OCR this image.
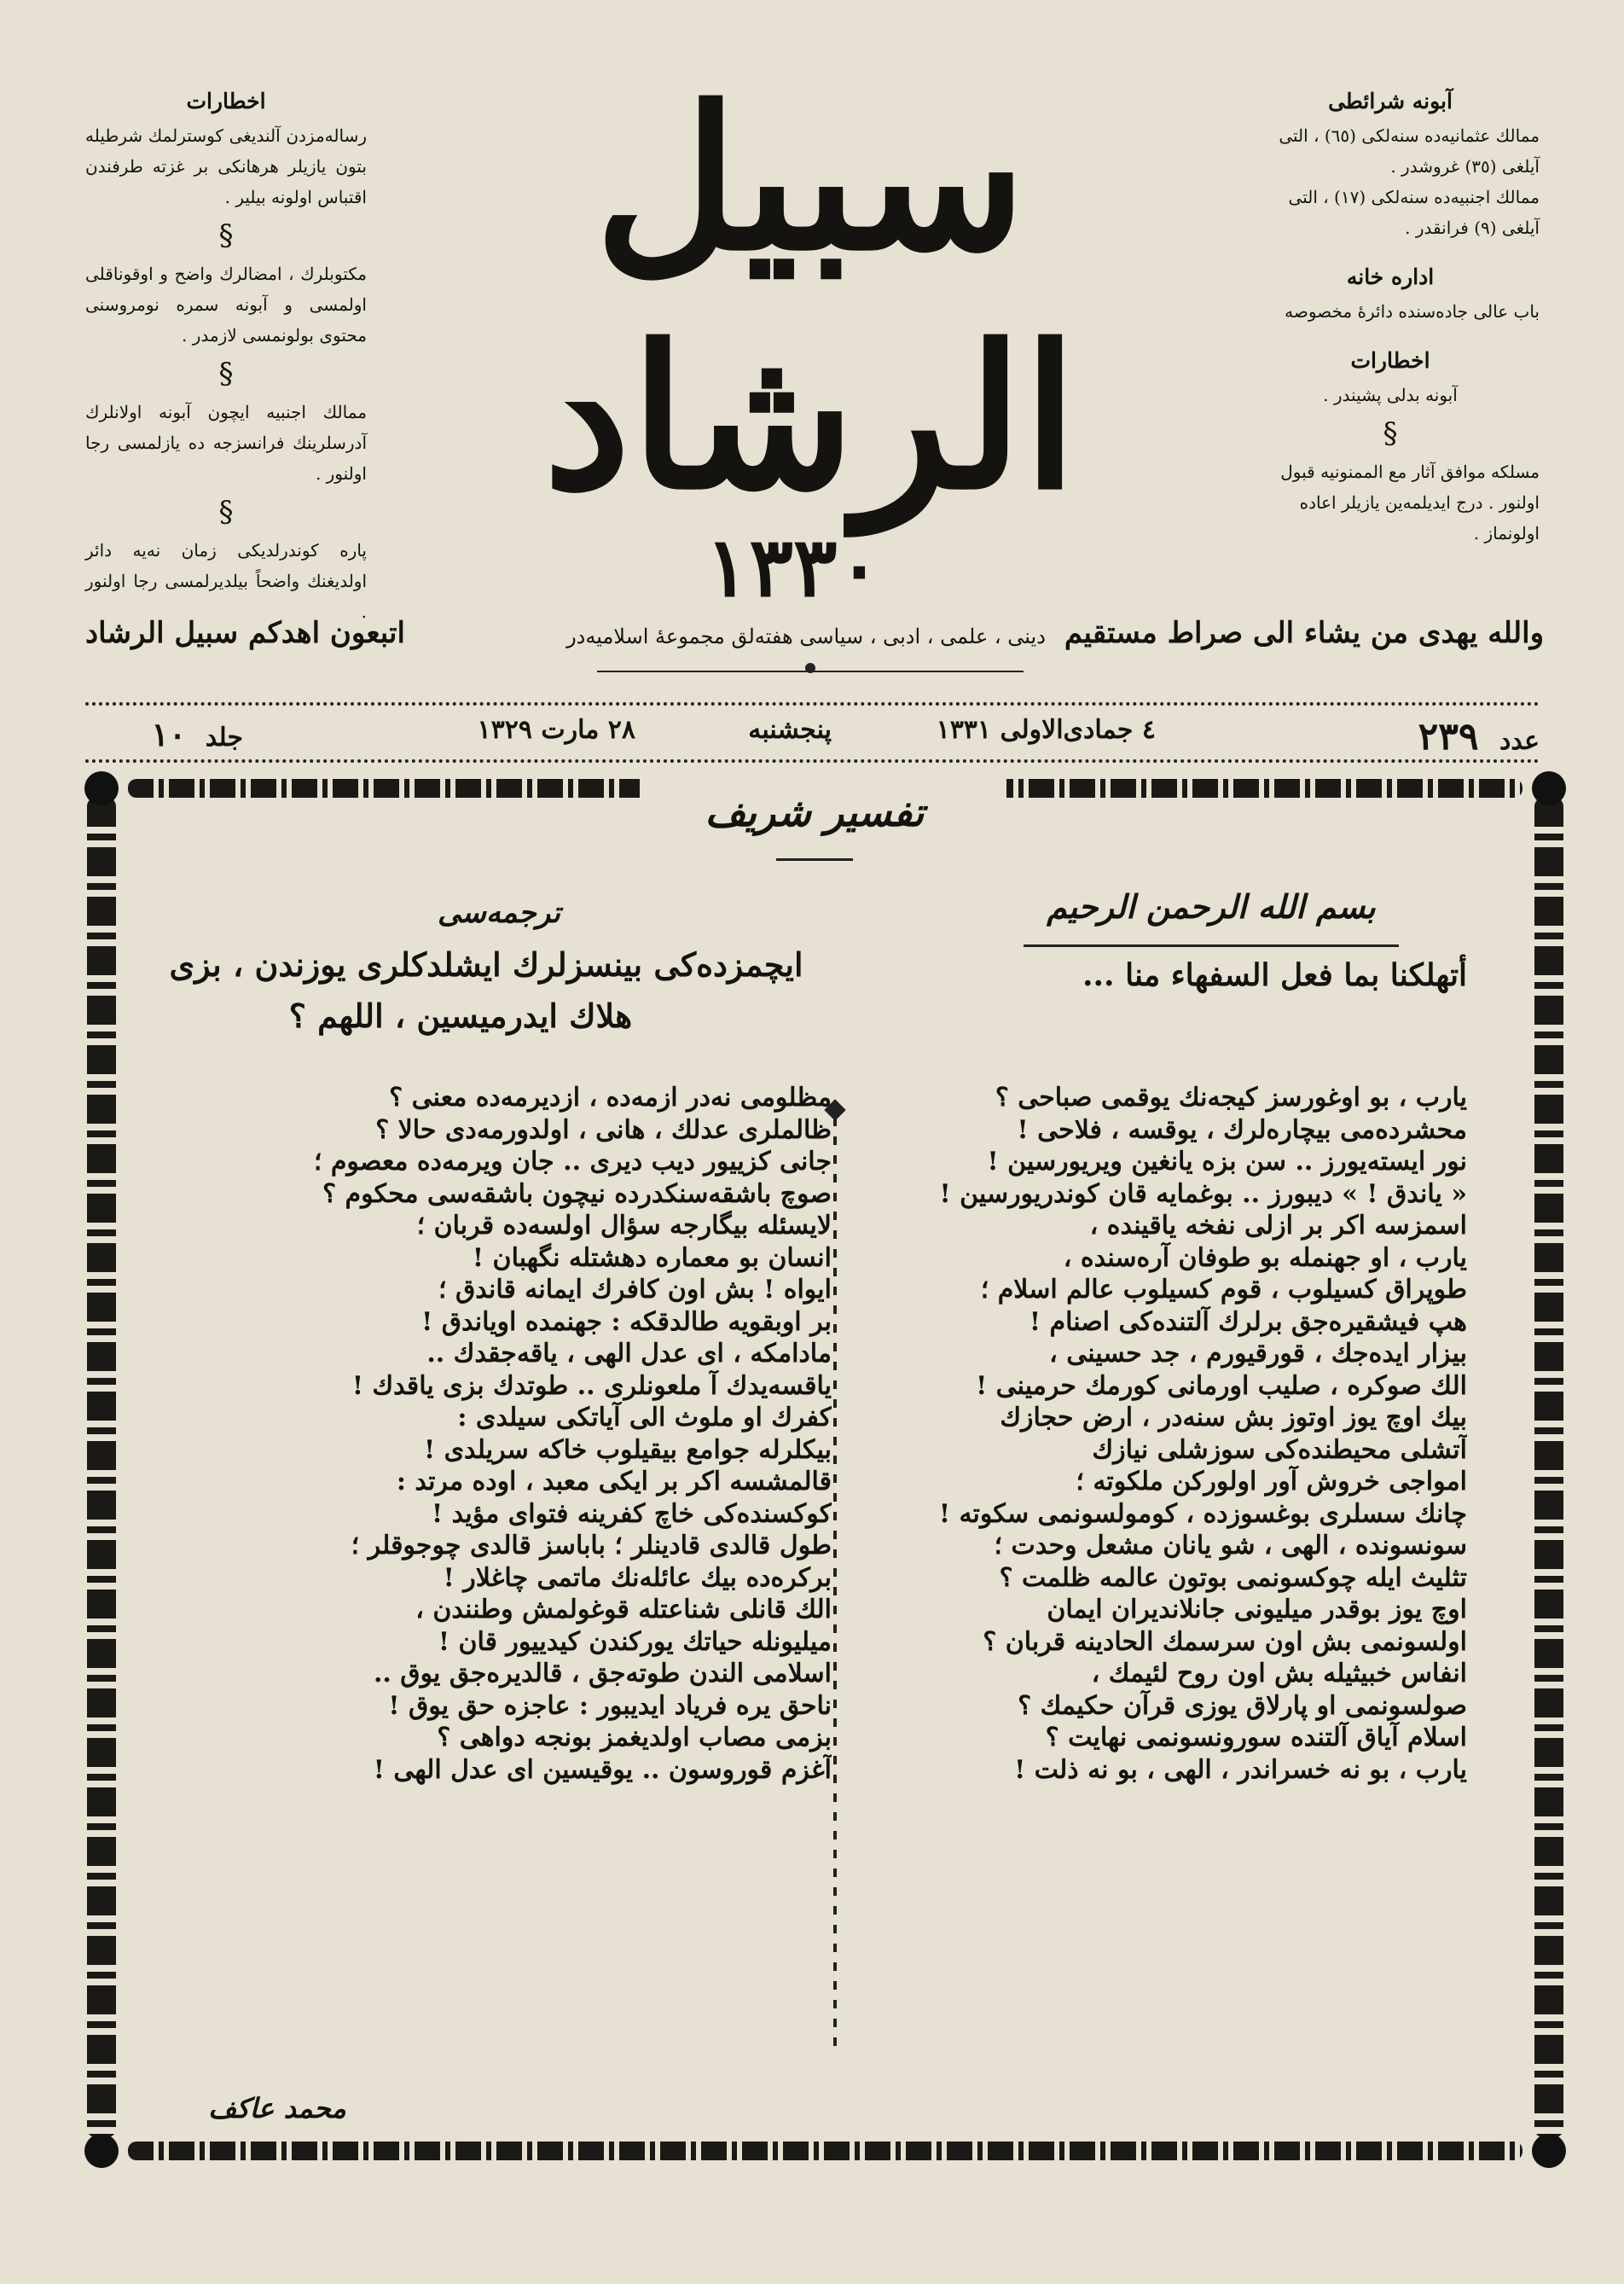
اخطارات

رساله‌مزدن آلندیغی کوسترلمك شرطیله بتون یازیلر هرهانکی بر غزته طرفندن اقتباس اولونه بیلیر .

§

مکتوبلرك ، امضالرك واضح و اوقوناقلی اولمسی و آبونه سمره نومروسنی محتوی بولونمسی لازمدر .

§

ممالك اجنبیه ایچون آبونه اولانلرك آدرسلرینك فرانسزجه ده یازلمسی رجا اولنور .

§

پاره کوندرلدیکی زمان نه‌یه دائر اولدیغنك واضحاً بیلدیرلمسی رجا اولنور .

آبونه شرائطی

ممالك عثمانیه‌ده سنه‌لکی (٦٥) ، التی

آیلغی (٣٥) غروشدر .

ممالك اجنبیه‌ده سنه‌لکی (١٧) ، التی

آیلغی (٩) فرانقدر .

اداره خانه

باب عالی جاده‌سنده دائرهٔ مخصوصه

اخطارات

آبونه بدلی پشیندر .

§

مسلکه موافق آثار مع الممنونیه قبول اولنور . درج ایدیلمه‌ین یازیلر اعاده اولونماز .

سبيل الرشاد
١٣٣٠
والله یهدی من یشاء الی صراط مستقیم
دینی ، علمی ، ادبی ، سیاسی هفته‌لق مجموعهٔ اسلامیه‌در
اتبعون اهدکم سبیل الرشاد
عدد ٢٣٩
٤ جمادی‌الاولی ١٣٣١
پنجشنبه
٢٨ مارت ١٣٢٩
جلد ١٠
تفسیر شریف
بسم الله الرحمن الرحیم
أتهلكنا بما فعل السفهاء منا ...
ترجمه‌سی
ایچمزده‌کی بینسزلرك ایشلدکلری یوزندن ، بزی
هلاك ایدرمیسین ، اللهم ؟
یارب ، بو اوغورسز کیجه‌نك یوقمی صباحی ؟
محشرده‌می بیچاره‌لرك ، یوقسه ، فلاحی !
نور ایسته‌یورز .. سن بزه یانغین ویریورسین !
« یاندق ! » دیبورز .. بوغمایه قان کوندریورسین !
اسمزسه اکر بر ازلی نفخه یاقینده ،
یارب ، او جهنمله بو طوفان آره‌سنده ،
طوپراق کسیلوب ، قوم کسیلوب عالم اسلام ؛
هپ فیشقیره‌جق برلرك آلتنده‌کی اصنام !
بیزار ایده‌جك ، قورقیورم ، جد حسینی ،
الك صوکره ، صلیب اورمانی کورمك حرمینی !
بیك اوچ یوز اوتوز بش سنه‌در ، ارض حجازك
آتشلی محیطنده‌کی سوزشلی نیازك
امواجی خروش آور اولورکن ملکوته ؛
چانك سسلری بوغسوزده ، کومولسونمی سکوته !
سونسونده ، الهی ، شو یانان مشعل وحدت ؛
تثلیث ایله چوکسونمی بوتون عالمه ظلمت ؟
اوچ یوز بوقدر میلیونی جانلاندیران ایمان
اولسونمی بش اون سرسمك الحادینه قربان ؟
انفاس خبیثیله بش اون روح لئیمك ،
صولسونمی او پارلاق یوزی قرآن حکیمك ؟
اسلام آیاق آلتنده سورونسونمی نهایت ؟
یارب ، بو نه خسراندر ، الهی ، بو نه ذلت !
مظلومی نه‌در ازمه‌ده ، ازدیرمه‌ده معنی ؟
ظالملری عدلك ، هانی ، اولدورمه‌دی حالا ؟
جانی کزییور دیب دیری .. جان ویرمه‌ده معصوم ؛
صوچ باشقه‌سنکدرده نیچون باشقه‌سی محکوم ؟
لایسئله بیگارجه سؤال اولسه‌ده قربان ؛
انسان بو معماره دهشتله نگهبان !
ایواه ! بش اون کافرك ایمانه قاندق ؛
بر اوبقویه طالدقکه : جهنمده اویاندق !
مادامکه ، ای عدل الهی ، یاقه‌جقدك ..
یاقسه‌یدك آ ملعونلری .. طوتدك بزی یاقدك !
کفرك او ملوث الی آیاتکی سیلدی :
بیکلرله جوامع بیقیلوب خاکه سریلدی !
قالمشسه اکر بر ایکی معبد ، اوده مرتد :
کوکسنده‌کی خاچ کفرینه فتوای مؤید !
طول قالدی قادینلر ؛ باباسز قالدی چوجوقلر ؛
برکره‌ده بیك عائله‌نك ماتمی چاغلار !
الك قانلی شناعتله قوغولمش وطنندن ،
میلیونله حیاتك یورکندن کیدییور قان !
اسلامی الندن طوته‌جق ، قالدیره‌جق یوق ..
ناحق یره فریاد ایدیبور : عاجزه حق یوق !
بزمی مصاب اولدیغمز بونجه دواهی ؟
آغزم قوروسون .. یوقیسین ای عدل الهی !
محمد عاکف
